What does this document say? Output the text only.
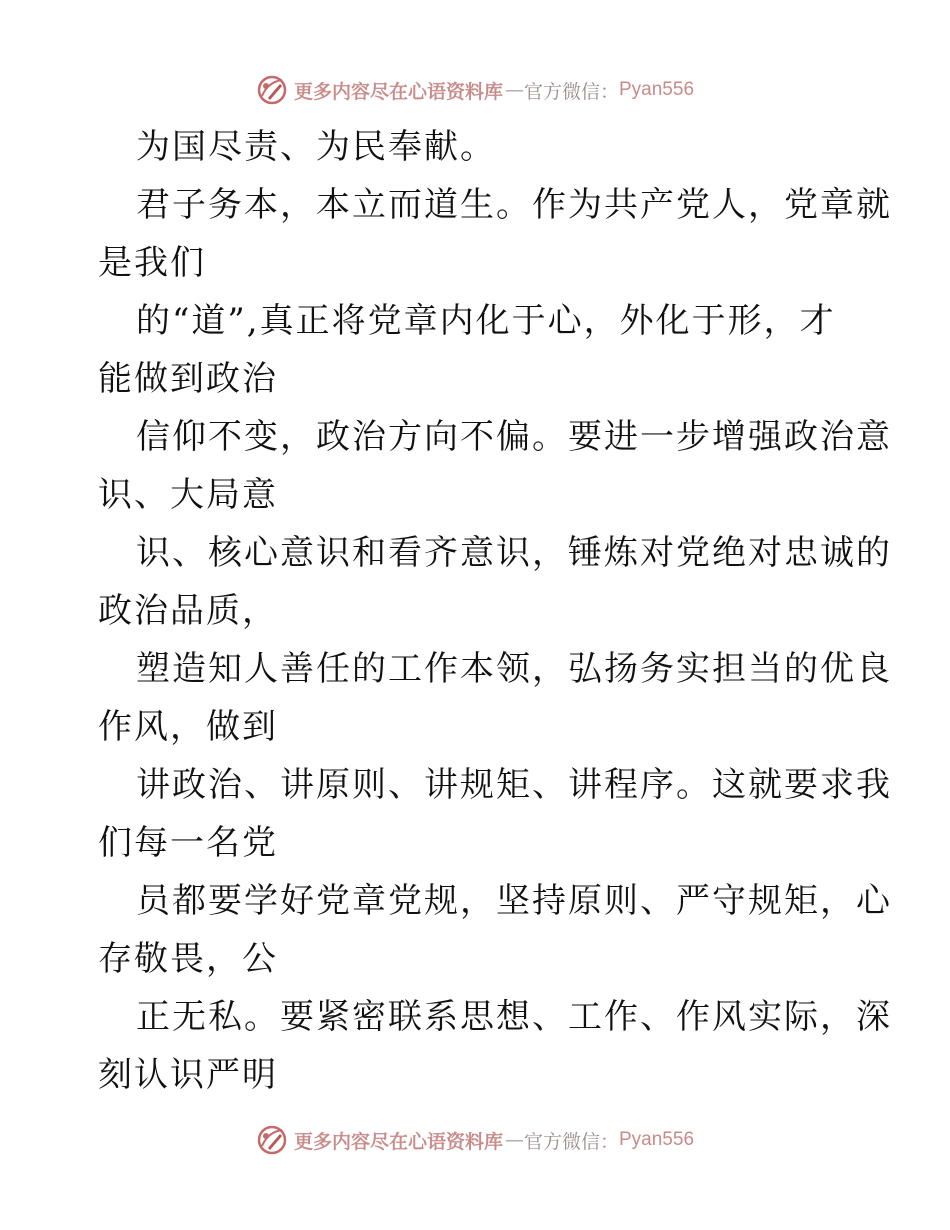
更多内容尽在心语资料库 — 官方微信： Pyan556
为国尽责、为民奉献。
君子务本，本立而道生。作为共产党人，党章就
是我们
的“道”,真正将党章内化于心，外化于形，才
能做到政治
信仰不变，政治方向不偏。要进一步增强政治意
识、大局意
识、核心意识和看齐意识，锤炼对党绝对忠诚的
政治品质，
塑造知人善任的工作本领，弘扬务实担当的优良
作风，做到
讲政治、讲原则、讲规矩、讲程序。这就要求我
们每一名党
员都要学好党章党规，坚持原则、严守规矩，心
存敬畏，公
正无私。要紧密联系思想、工作、作风实际，深
刻认识严明
更多内容尽在心语资料库 — 官方微信： Pyan556
